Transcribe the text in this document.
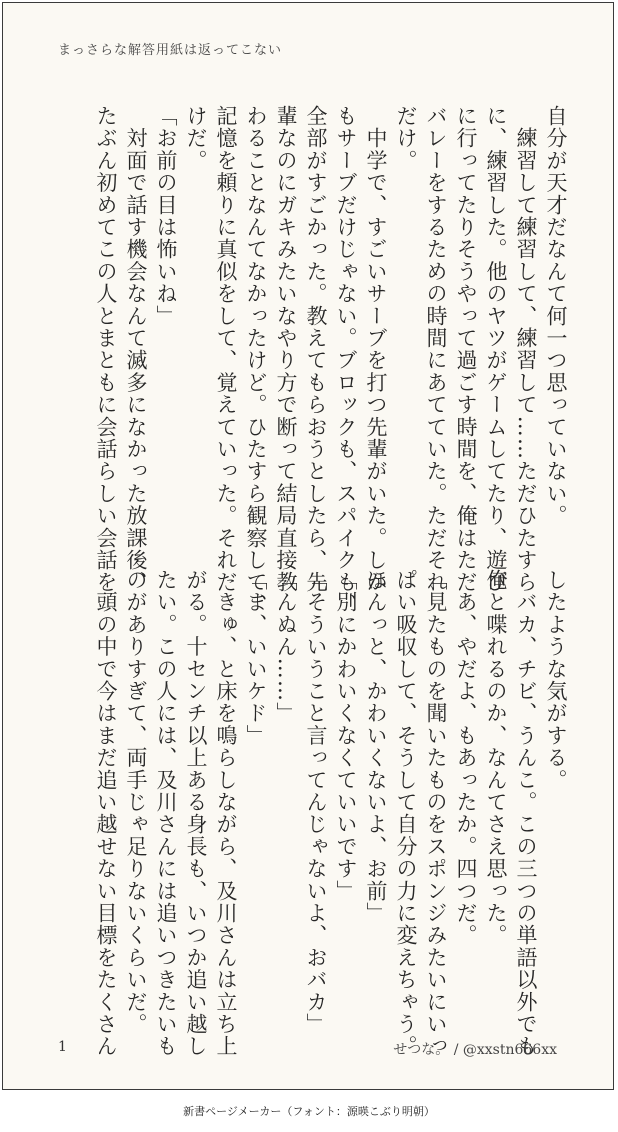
まっさらな解答用紙は返ってこない
自分が天才だなんて何一つ思っていない。
　練習して練習して、練習して……ただひたすら
に、練習した。他のヤツがゲームしてたり、遊び
に行ってたりそうやって過ごす時間を、俺はただ
バレーをするための時間にあてていた。ただそれ
だけ。
　中学で、すごいサーブを打つ先輩がいた。しか
もサーブだけじゃない。ブロックも、スパイクも、
全部がすごかった。教えてもらおうとしたら、先
輩なのにガキみたいなやり方で断って結局直接教
わることなんてなかったけど。ひたすら観察して、
記憶を頼りに真似をして、覚えていった。それだ
けだ。
「お前の目は怖いね」
　対面で話す機会なんて滅多になかった放課後、
たぶん初めてこの人とまともに会話らしい会話を
したような気がする。
　バカ、チビ、うんこ。この三つの単語以外でも
俺と喋れるのか、なんてさえ思った。
　あ、やだよ、もあったか。四つだ。
「見たものを聞いたものをスポンジみたいにいっ
ぱい吸収して、そうして自分の力に変えちゃう。
ほんっと、かわいくないよ、お前」
「別にかわいくなくていいです」
「そういうこと言ってんじゃないよ、おバカ」
「んぬん……」
「ま、いいケド」
　きゅ、と床を鳴らしながら、及川さんは立ち上
がる。十センチ以上ある身長も、いつか追い越し
たい。この人には、及川さんには追いつきたいも
のがありすぎて、両手じゃ足りないくらいだ。
　頭の中で今はまだ追い越せない目標をたくさん
1	せつな。 / @xxstn666xx
新書ページメーカー（フォント：源暎こぶり明朝）
